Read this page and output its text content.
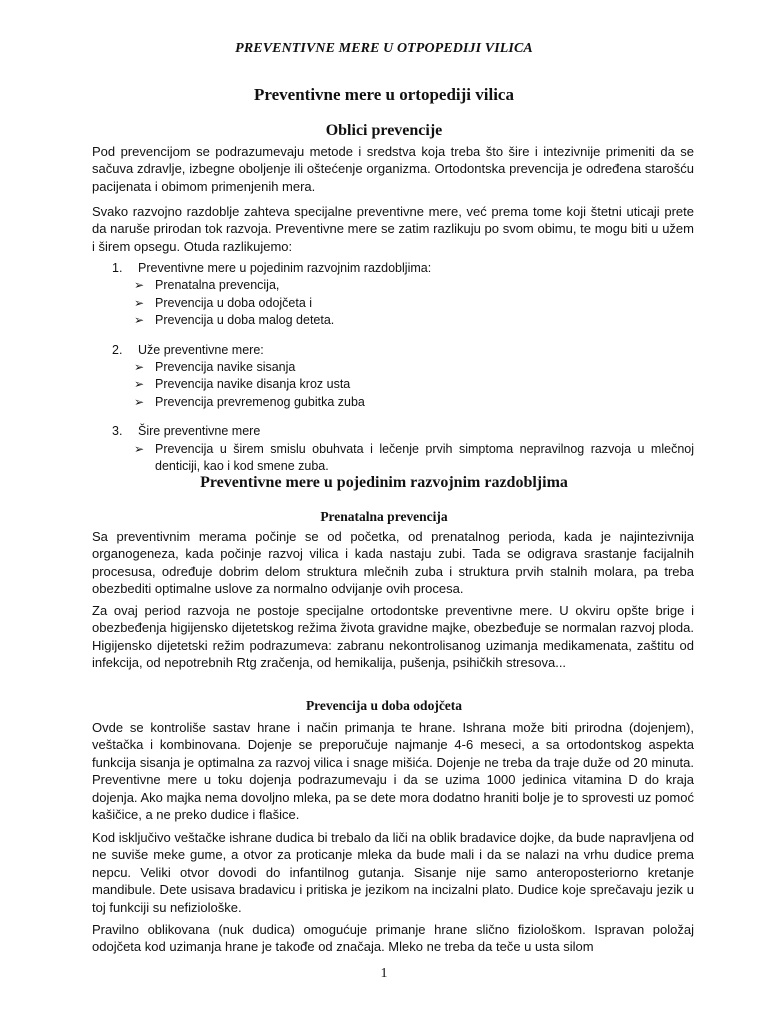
PREVENTIVNE MERE U OTPOPEDIJI VILICA
Preventivne mere u ortopediji vilica
Oblici prevencije
Pod prevencijom se podrazumevaju metode i sredstva koja treba što šire i intezivnije primeniti da se sačuva zdravlje, izbegne obolјenje ili oštećenje organizma. Ortodontska prevencija je određena starošću pacijenata i obimom primenjenih mera.
Svako razvojno razdoblje zahteva specijalne preventivne mere, već prema tome koji štetni uticaji prete da naruše prirodan tok razvoja. Preventivne mere se zatim razlikuju po svom obimu, te mogu biti u užem i širem opsegu. Otuda razlikujemo:
1. Preventivne mere u pojedinim razvojnim razdobljima:
➢ Prenatalna prevencija,
➢ Prevencija u doba odojčeta i
➢ Prevencija u doba malog deteta.
2. Uže preventivne mere:
➢ Prevencija navike sisanja
➢ Prevencija navike disanja kroz usta
➢ Prevencija prevremenog gubitka zuba
3. Šire preventivne mere
➢ Prevencija u širem smislu obuhvata i lečenje prvih simptoma nepravilnog razvoja u mlečnoj denticiji, kao i kod smene zuba.
Preventivne mere u pojedinim razvojnim razdobljima
Prenatalna prevencija
Sa preventivnim merama počinje se od početka, od prenatalnog perioda, kada je najintezivnija organogeneza, kada počinje razvoj vilica i kada nastaju zubi. Tada se odigrava srastanje facijalnih procesusa, određuje dobrim delom struktura mlečnih zuba i struktura prvih stalnih molara, pa treba obezbediti optimalne uslove za normalno odvijanje ovih procesa.
Za ovaj period razvoja ne postoje specijalne ortodontske preventivne mere. U okviru opšte brige i obezbeđenja higijensko dijetetskog režima života gravidne majke, obezbeđuje se normalan razvoj ploda. Higijensko dijetetski režim podrazumeva: zabranu nekontrolisanog uzimanja medikamenata, zaštitu od infekcija, od nepotrebnih Rtg zračenja, od hemikalija, pušenja, psihičkih stresova...
Prevencija u doba odojčeta
Ovde se kontroliše sastav hrane i način primanja te hrane. Ishrana može biti prirodna (dojenjem), veštačka i kombinovana. Dojenje se preporučuje najmanje 4-6 meseci, a sa ortodontskog aspekta funkcija sisanja je optimalna za razvoj vilica i snage mišića. Dojenje ne treba da traje duže od 20 minuta. Preventivne mere u toku dojenja podrazumevaju i da se uzima 1000 jedinica vitamina D do kraja dojenja. Ako majka nema dovoljno mleka, pa se dete mora dodatno hraniti bolje je to sprovesti uz pomoć kašičice, a ne preko dudice i flašice.
Kod isključivo veštačke ishrane dudica bi trebalo da liči na oblik bradavice dojke, da bude napravljena od ne suviše meke gume, a otvor za proticanje mleka da bude mali i da se nalazi na vrhu dudice prema nepcu. Veliki otvor dovodi do infantilnog gutanja. Sisanje nije samo anteroposteriorno kretanje mandibule. Dete usisava bradavicu i pritiska je jezikom na incizalni plato. Dudice koje sprečavaju jezik u toj funkciji su nefiziološke.
Pravilno oblikovana (nuk dudica) omogućuje primanje hrane slično fiziološkom. Ispravan položaj odojčeta kod uzimanja hrane je takođe od značaja. Mleko ne treba da teče u usta silom
1
